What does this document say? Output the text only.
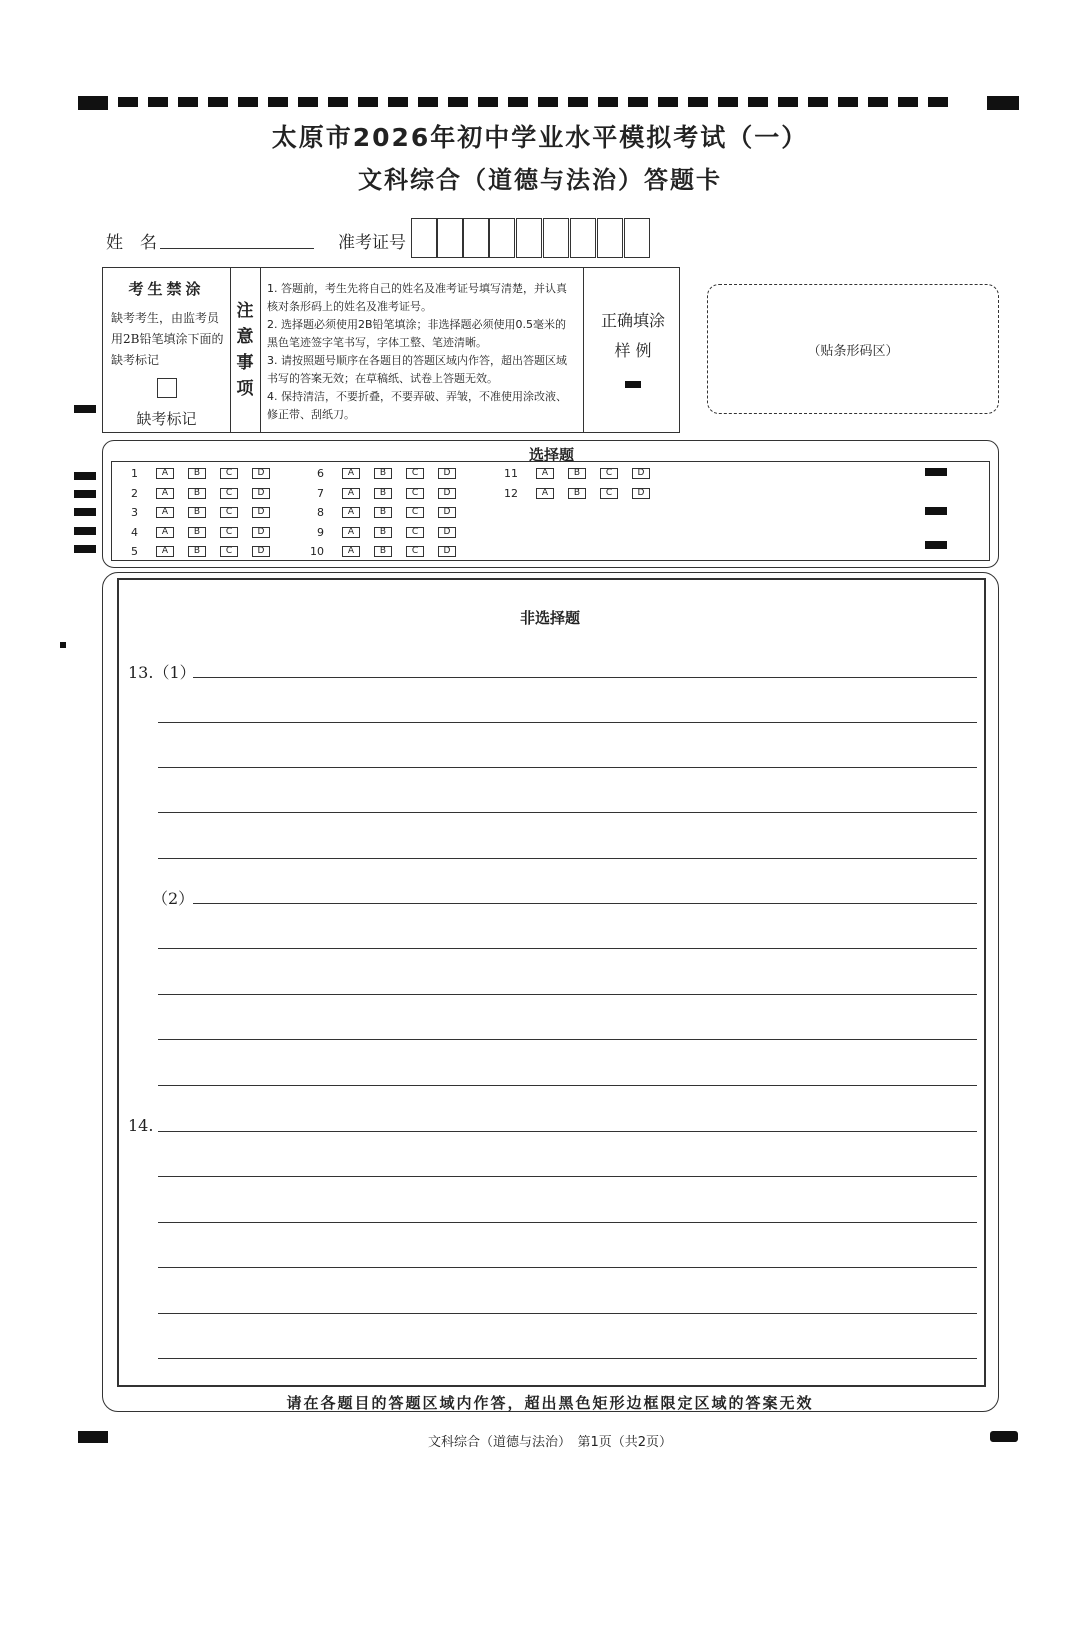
太原市2026年初中学业水平模拟考试（一）
文科综合（道德与法治）答题卡
姓　名	准考证号
考生禁涂
缺考考生，由监考员用2B铅笔填涂下面的缺考标记
缺考标记
注
意
事
项
1. 答题前，考生先将自己的姓名及准考证号填写清楚，并认真核对条形码上的姓名及准考证号。
2. 选择题必须使用2B铅笔填涂；非选择题必须使用0.5毫米的黑色笔迹签字笔书写，字体工整、笔迹清晰。
3. 请按照题号顺序在各题目的答题区域内作答，超出答题区域书写的答案无效；在草稿纸、试卷上答题无效。
4. 保持清洁，不要折叠，不要弄破、弄皱，不准使用涂改液、修正带、刮纸刀。
正确填涂
样 例	（贴条形码区）
选择题
1	A	B	C	D
2	A	B	C	D
3	A	B	C	D
4	A	B	C	D
5	A	B	C	D
6	A	B	C	D
7	A	B	C	D
8	A	B	C	D
9	A	B	C	D
10	A	B	C	D
11	A	B	C	D
12	A	B	C	D
非选择题
13.（1）
（2）
14.
请在各题目的答题区域内作答，超出黑色矩形边框限定区域的答案无效
文科综合（道德与法治）　第1页（共2页）
